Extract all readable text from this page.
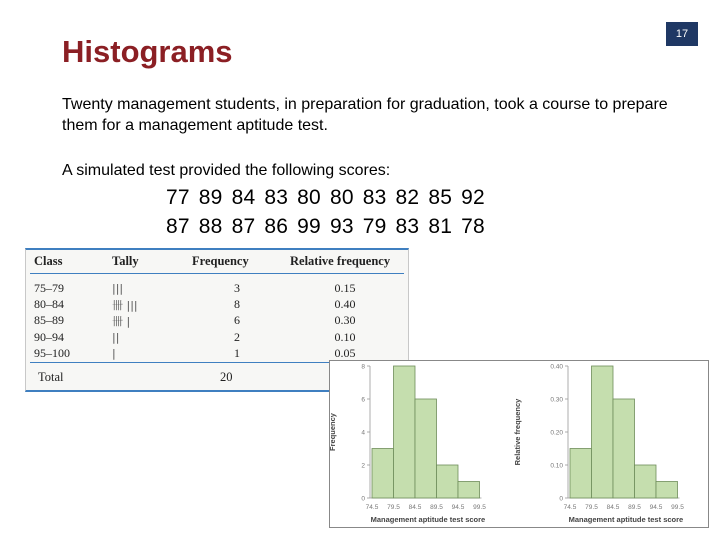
17
Histograms

Twenty management students, in preparation for graduation, took a course to prepare them for a management aptitude test.

A simulated test provided the following scores:

77 89 84 83 80 80 83 82 85 92
87 88 87 86 99 93 79 83 81 78
Class	Tally	Frequency	Relative frequency
75–79	|||	3	0.15
80–84	卌 |||	8	0.40
85–89	卌 |	6	0.30
90–94	||	2	0.10
95–100	|	1	0.05
Total	20
0
2
4
6
8
74.5 79.5 84.5 89.5 94.5 99.5
Management aptitude test score
Frequency
0
0.10
0.20
0.30
0.40
74.5 79.5 84.5 89.5 94.5 99.5
Management aptitude test score
Relative frequency
